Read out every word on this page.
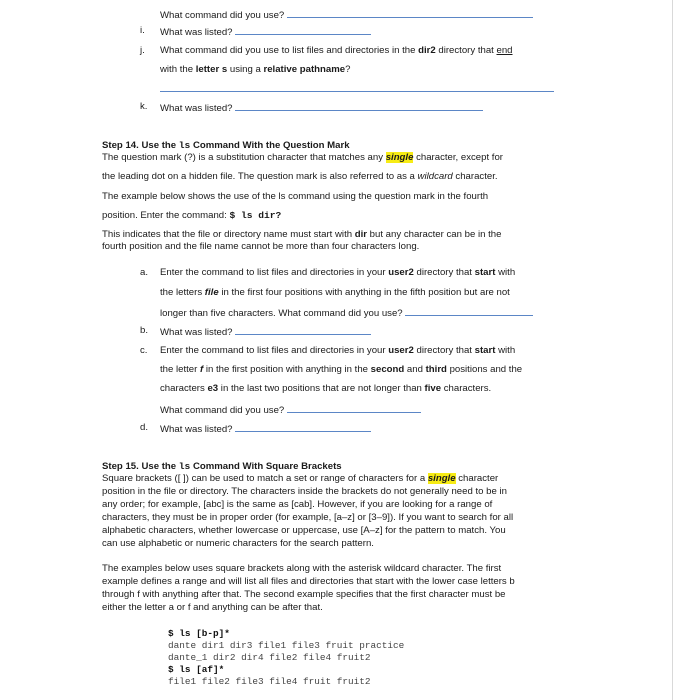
What command did you use?
i. What was listed?
j. What command did you use to list files and directories in the dir2 directory that end
with the letter s using a relative pathname?
k. What was listed?
Step 14. Use the ls Command With the Question Mark
The question mark (?) is a substitution character that matches any single character, except for
the leading dot on a hidden file. The question mark is also referred to as a wildcard character.
The example below shows the use of the ls command using the question mark in the fourth
position. Enter the command: $ ls dir?
This indicates that the file or directory name must start with dir but any character can be in the
fourth position and the file name cannot be more than four characters long.
a. Enter the command to list files and directories in your user2 directory that start with
the letters file in the first four positions with anything in the fifth position but are not
longer than five characters. What command did you use?
b. What was listed?
c. Enter the command to list files and directories in your user2 directory that start with
the letter f in the first position with anything in the second and third positions and the
characters e3 in the last two positions that are not longer than five characters.
What command did you use?
d. What was listed?
Step 15. Use the ls Command With Square Brackets
Square brackets ([ ]) can be used to match a set or range of characters for a single character
position in the file or directory. The characters inside the brackets do not generally need to be in
any order; for example, [abc] is the same as [cab]. However, if you are looking for a range of
characters, they must be in proper order (for example, [a–z] or [3–9]). If you want to search for all
alphabetic characters, whether lowercase or uppercase, use [A–z] for the pattern to match. You
can use alphabetic or numeric characters for the search pattern.
The examples below uses square brackets along with the asterisk wildcard character. The first
example defines a range and will list all files and directories that start with the lower case letters b
through f with anything after that. The second example specifies that the first character must be
either the letter a or f and anything can be after that.
$ ls [b-p]*
dante dir1 dir3 file1 file3 fruit practice
dante_1 dir2 dir4 file2 file4 fruit2
$ ls [af]*
file1 file2 file3 file4 fruit fruit2
